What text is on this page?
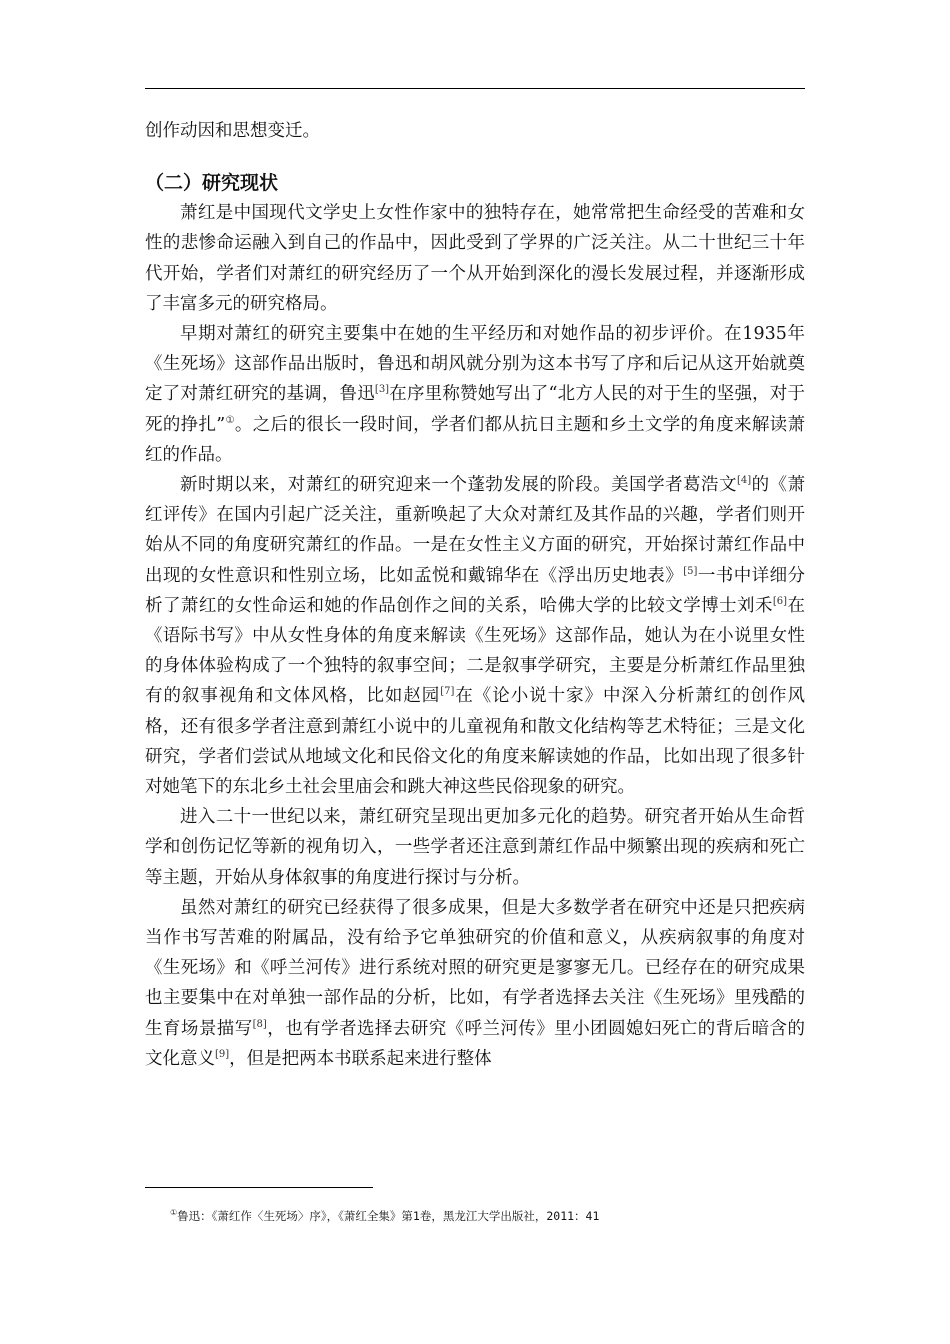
创作动因和思想变迁。

（二）研究现状

萧红是中国现代文学史上女性作家中的独特存在，她常常把生命经受的苦难和女性的悲惨命运融入到自己的作品中，因此受到了学界的广泛关注。从二十世纪三十年代开始，学者们对萧红的研究经历了一个从开始到深化的漫长发展过程，并逐渐形成了丰富多元的研究格局。

早期对萧红的研究主要集中在她的生平经历和对她作品的初步评价。在1935年《生死场》这部作品出版时，鲁迅和胡风就分别为这本书写了序和后记从这开始就奠定了对萧红研究的基调，鲁迅[3]在序里称赞她写出了“北方人民的对于生的坚强，对于死的挣扎”①。之后的很长一段时间，学者们都从抗日主题和乡土文学的角度来解读萧红的作品。

新时期以来，对萧红的研究迎来一个蓬勃发展的阶段。美国学者葛浩文[4]的《萧红评传》在国内引起广泛关注，重新唤起了大众对萧红及其作品的兴趣，学者们则开始从不同的角度研究萧红的作品。一是在女性主义方面的研究，开始探讨萧红作品中出现的女性意识和性别立场，比如孟悦和戴锦华在《浮出历史地表》[5]一书中详细分析了萧红的女性命运和她的作品创作之间的关系，哈佛大学的比较文学博士刘禾[6]在《语际书写》中从女性身体的角度来解读《生死场》这部作品，她认为在小说里女性的身体体验构成了一个独特的叙事空间；二是叙事学研究，主要是分析萧红作品里独有的叙事视角和文体风格，比如赵园[7]在《论小说十家》中深入分析萧红的创作风格，还有很多学者注意到萧红小说中的儿童视角和散文化结构等艺术特征；三是文化研究，学者们尝试从地域文化和民俗文化的角度来解读她的作品，比如出现了很多针对她笔下的东北乡土社会里庙会和跳大神这些民俗现象的研究。

进入二十一世纪以来，萧红研究呈现出更加多元化的趋势。研究者开始从生命哲学和创伤记忆等新的视角切入，一些学者还注意到萧红作品中频繁出现的疾病和死亡等主题，开始从身体叙事的角度进行探讨与分析。

虽然对萧红的研究已经获得了很多成果，但是大多数学者在研究中还是只把疾病当作书写苦难的附属品，没有给予它单独研究的价值和意义，从疾病叙事的角度对《生死场》和《呼兰河传》进行系统对照的研究更是寥寥无几。已经存在的研究成果也主要集中在对单独一部作品的分析，比如，有学者选择去关注《生死场》里残酷的生育场景描写[8]，也有学者选择去研究《呼兰河传》里小团圆媳妇死亡的背后暗含的文化意义[9]，但是把两本书联系起来进行整体

①鲁迅：《萧红作〈生死场〉序》，《萧红全集》第1卷，黑龙江大学出版社，2011：41
